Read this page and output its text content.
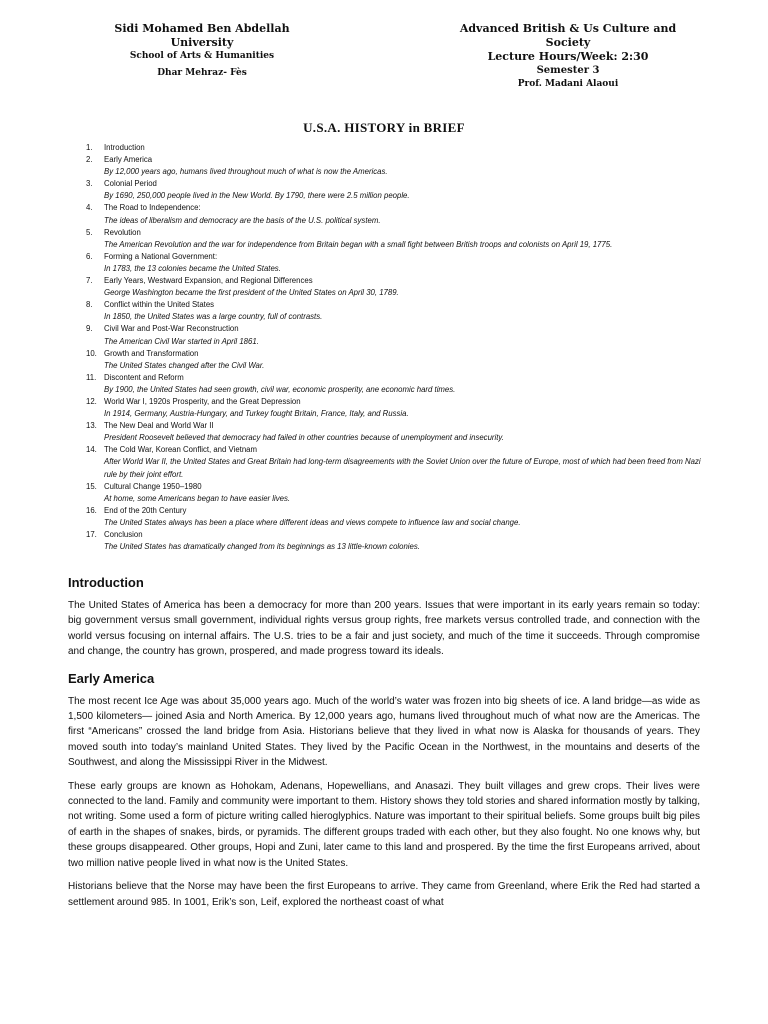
Sidi Mohamed Ben Abdellah
University
School of Arts & Humanities
Dhar Mehraz- Fès
Advanced British & Us Culture and
Society
Lecture Hours/Week: 2:30
Semester 3
Prof. Madani Alaoui
U.S.A. HISTORY in BRIEF
1. Introduction
2. Early America
By 12,000 years ago, humans lived throughout much of what is now the Americas.
3. Colonial Period
By 1690, 250,000 people lived in the New World. By 1790, there were 2.5 million people.
4. The Road to Independence:
The ideas of liberalism and democracy are the basis of the U.S. political system.
5. Revolution
The American Revolution and the war for independence from Britain began with a small fight between British troops and colonists on April 19, 1775.
6. Forming a National Government:
In 1783, the 13 colonies became the United States.
7. Early Years, Westward Expansion, and Regional Differences
George Washington became the first president of the United States on April 30, 1789.
8. Conflict within the United States
In 1850, the United States was a large country, full of contrasts.
9. Civil War and Post-War Reconstruction
The American Civil War started in April 1861.
10. Growth and Transformation
The United States changed after the Civil War.
11. Discontent and Reform
By 1900, the United States had seen growth, civil war, economic prosperity, ane economic hard times.
12. World War I, 1920s Prosperity, and the Great Depression
In 1914, Germany, Austria-Hungary, and Turkey fought Britain, France, Italy, and Russia.
13. The New Deal and World War II
President Roosevelt believed that democracy had failed in other countries because of unemployment and insecurity.
14. The Cold War, Korean Conflict, and Vietnam
After World War II, the United States and Great Britain had long-term disagreements with the Soviet Union over the future of Europe, most of which had been freed from Nazi rule by their joint effort.
15. Cultural Change 1950–1980
At home, some Americans began to have easier lives.
16. End of the 20th Century
The United States always has been a place where different ideas and views compete to influence law and social change.
17. Conclusion
The United States has dramatically changed from its beginnings as 13 little-known colonies.
Introduction

The United States of America has been a democracy for more than 200 years. Issues that were important in its early years remain so today: big government versus small government, individual rights versus group rights, free markets versus controlled trade, and connection with the world versus focusing on internal affairs. The U.S. tries to be a fair and just society, and much of the time it succeeds. Through compromise and change, the country has grown, prospered, and made progress toward its ideals.

Early America

The most recent Ice Age was about 35,000 years ago. Much of the world’s water was frozen into big sheets of ice. A land bridge—as wide as 1,500 kilometers— joined Asia and North America. By 12,000 years ago, humans lived throughout much of what now are the Americas. The first “Americans” crossed the land bridge from Asia. Historians believe that they lived in what now is Alaska for thousands of years. They moved south into today’s mainland United States. They lived by the Pacific Ocean in the Northwest, in the mountains and deserts of the Southwest, and along the Mississippi River in the Midwest.

These early groups are known as Hohokam, Adenans, Hopewellians, and Anasazi. They built villages and grew crops. Their lives were connected to the land. Family and community were important to them. History shows they told stories and shared information mostly by talking, not writing. Some used a form of picture writing called hieroglyphics. Nature was important to their spiritual beliefs. Some groups built big piles of earth in the shapes of snakes, birds, or pyramids. The different groups traded with each other, but they also fought. No one knows why, but these groups disappeared. Other groups, Hopi and Zuni, later came to this land and prospered. By the time the first Europeans arrived, about two million native people lived in what now is the United States.

Historians believe that the Norse may have been the first Europeans to arrive. They came from Greenland, where Erik the Red had started a settlement around 985. In 1001, Erik’s son, Leif, explored the northeast coast of what
